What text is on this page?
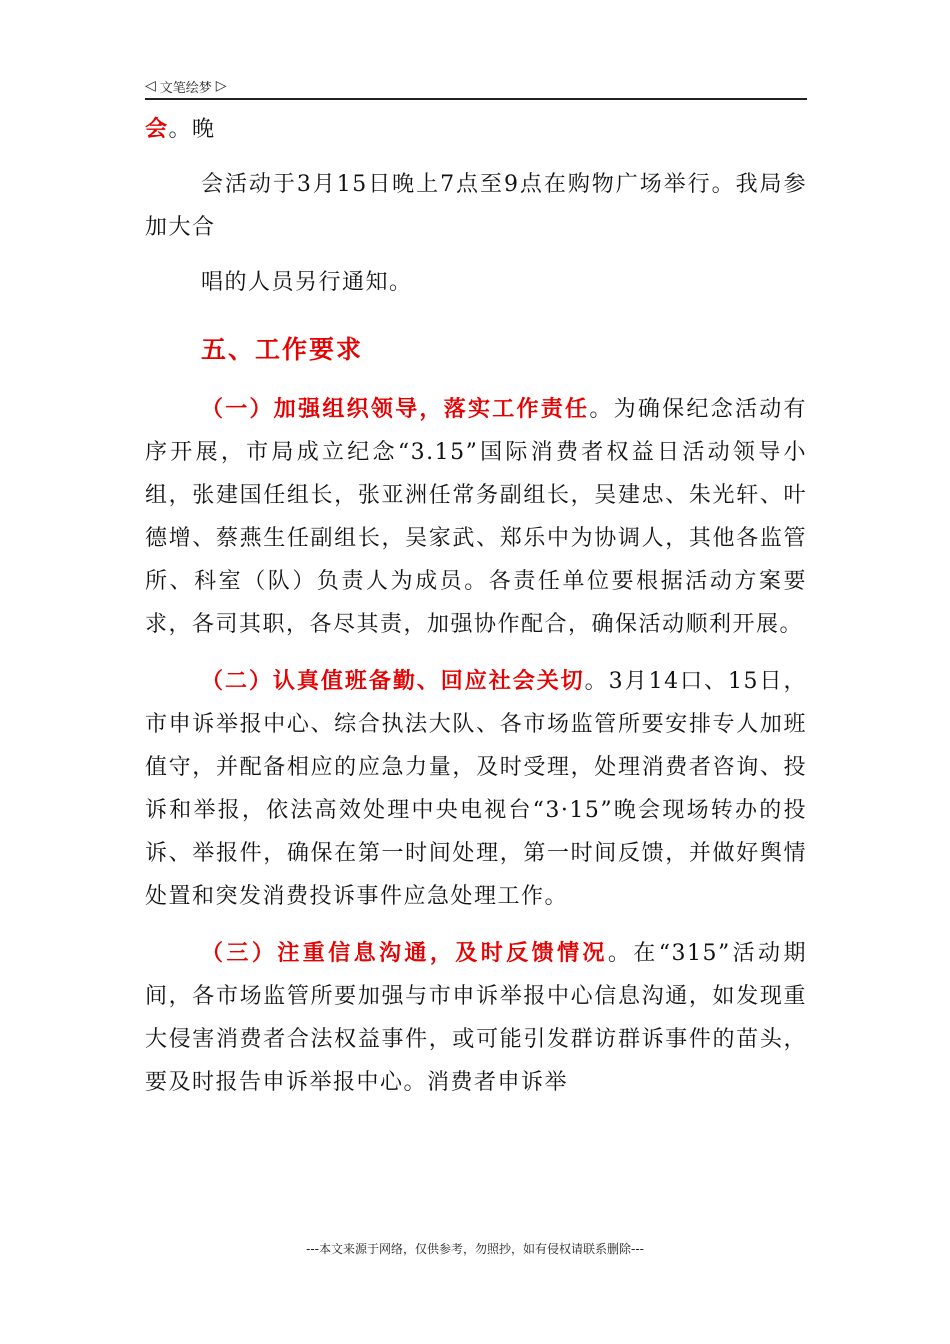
◁ 文笔绘梦 ▷

会。晚

会活动于3月15日晚上7点至9点在购物广场举行。我局参加大合

唱的人员另行通知。

五、工作要求

（一）加强组织领导，落实工作责任。为确保纪念活动有序开展，市局成立纪念“3.15”国际消费者权益日活动领导小组，张建国任组长，张亚洲任常务副组长，吴建忠、朱光轩、叶德增、蔡燕生任副组长，吴家武、郑乐中为协调人，其他各监管所、科室（队）负责人为成员。各责任单位要根据活动方案要求，各司其职，各尽其责，加强协作配合，确保活动顺利开展。

（二）认真值班备勤、回应社会关切。3月14口、15日，市申诉举报中心、综合执法大队、各市场监管所要安排专人加班值守，并配备相应的应急力量，及时受理，处理消费者咨询、投诉和举报，依法高效处理中央电视台“3·15”晚会现场转办的投诉、举报件，确保在第一时间处理，第一时间反馈，并做好舆情处置和突发消费投诉事件应急处理工作。

（三）注重信息沟通，及时反馈情况。在“315”活动期间，各市场监管所要加强与市申诉举报中心信息沟通，如发现重大侵害消费者合法权益事件，或可能引发群访群诉事件的苗头，要及时报告申诉举报中心。消费者申诉举

---本文来源于网络，仅供参考，勿照抄，如有侵权请联系删除---
